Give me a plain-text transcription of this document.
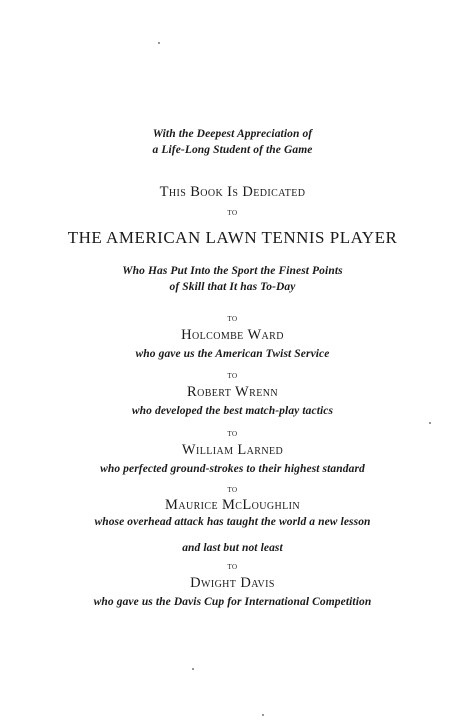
With the Deepest Appreciation of
a Life-Long Student of the Game
This Book Is Dedicated
to
THE AMERICAN LAWN TENNIS PLAYER
Who Has Put Into the Sport the Finest Points
of Skill that It has To-Day
to
Holcombe Ward
who gave us the American Twist Service
to
Robert Wrenn
who developed the best match-play tactics
to
William Larned
who perfected ground-strokes to their highest standard
to
Maurice McLoughlin
whose overhead attack has taught the world a new lesson
and last but not least
to
Dwight Davis
who gave us the Davis Cup for International Competition
